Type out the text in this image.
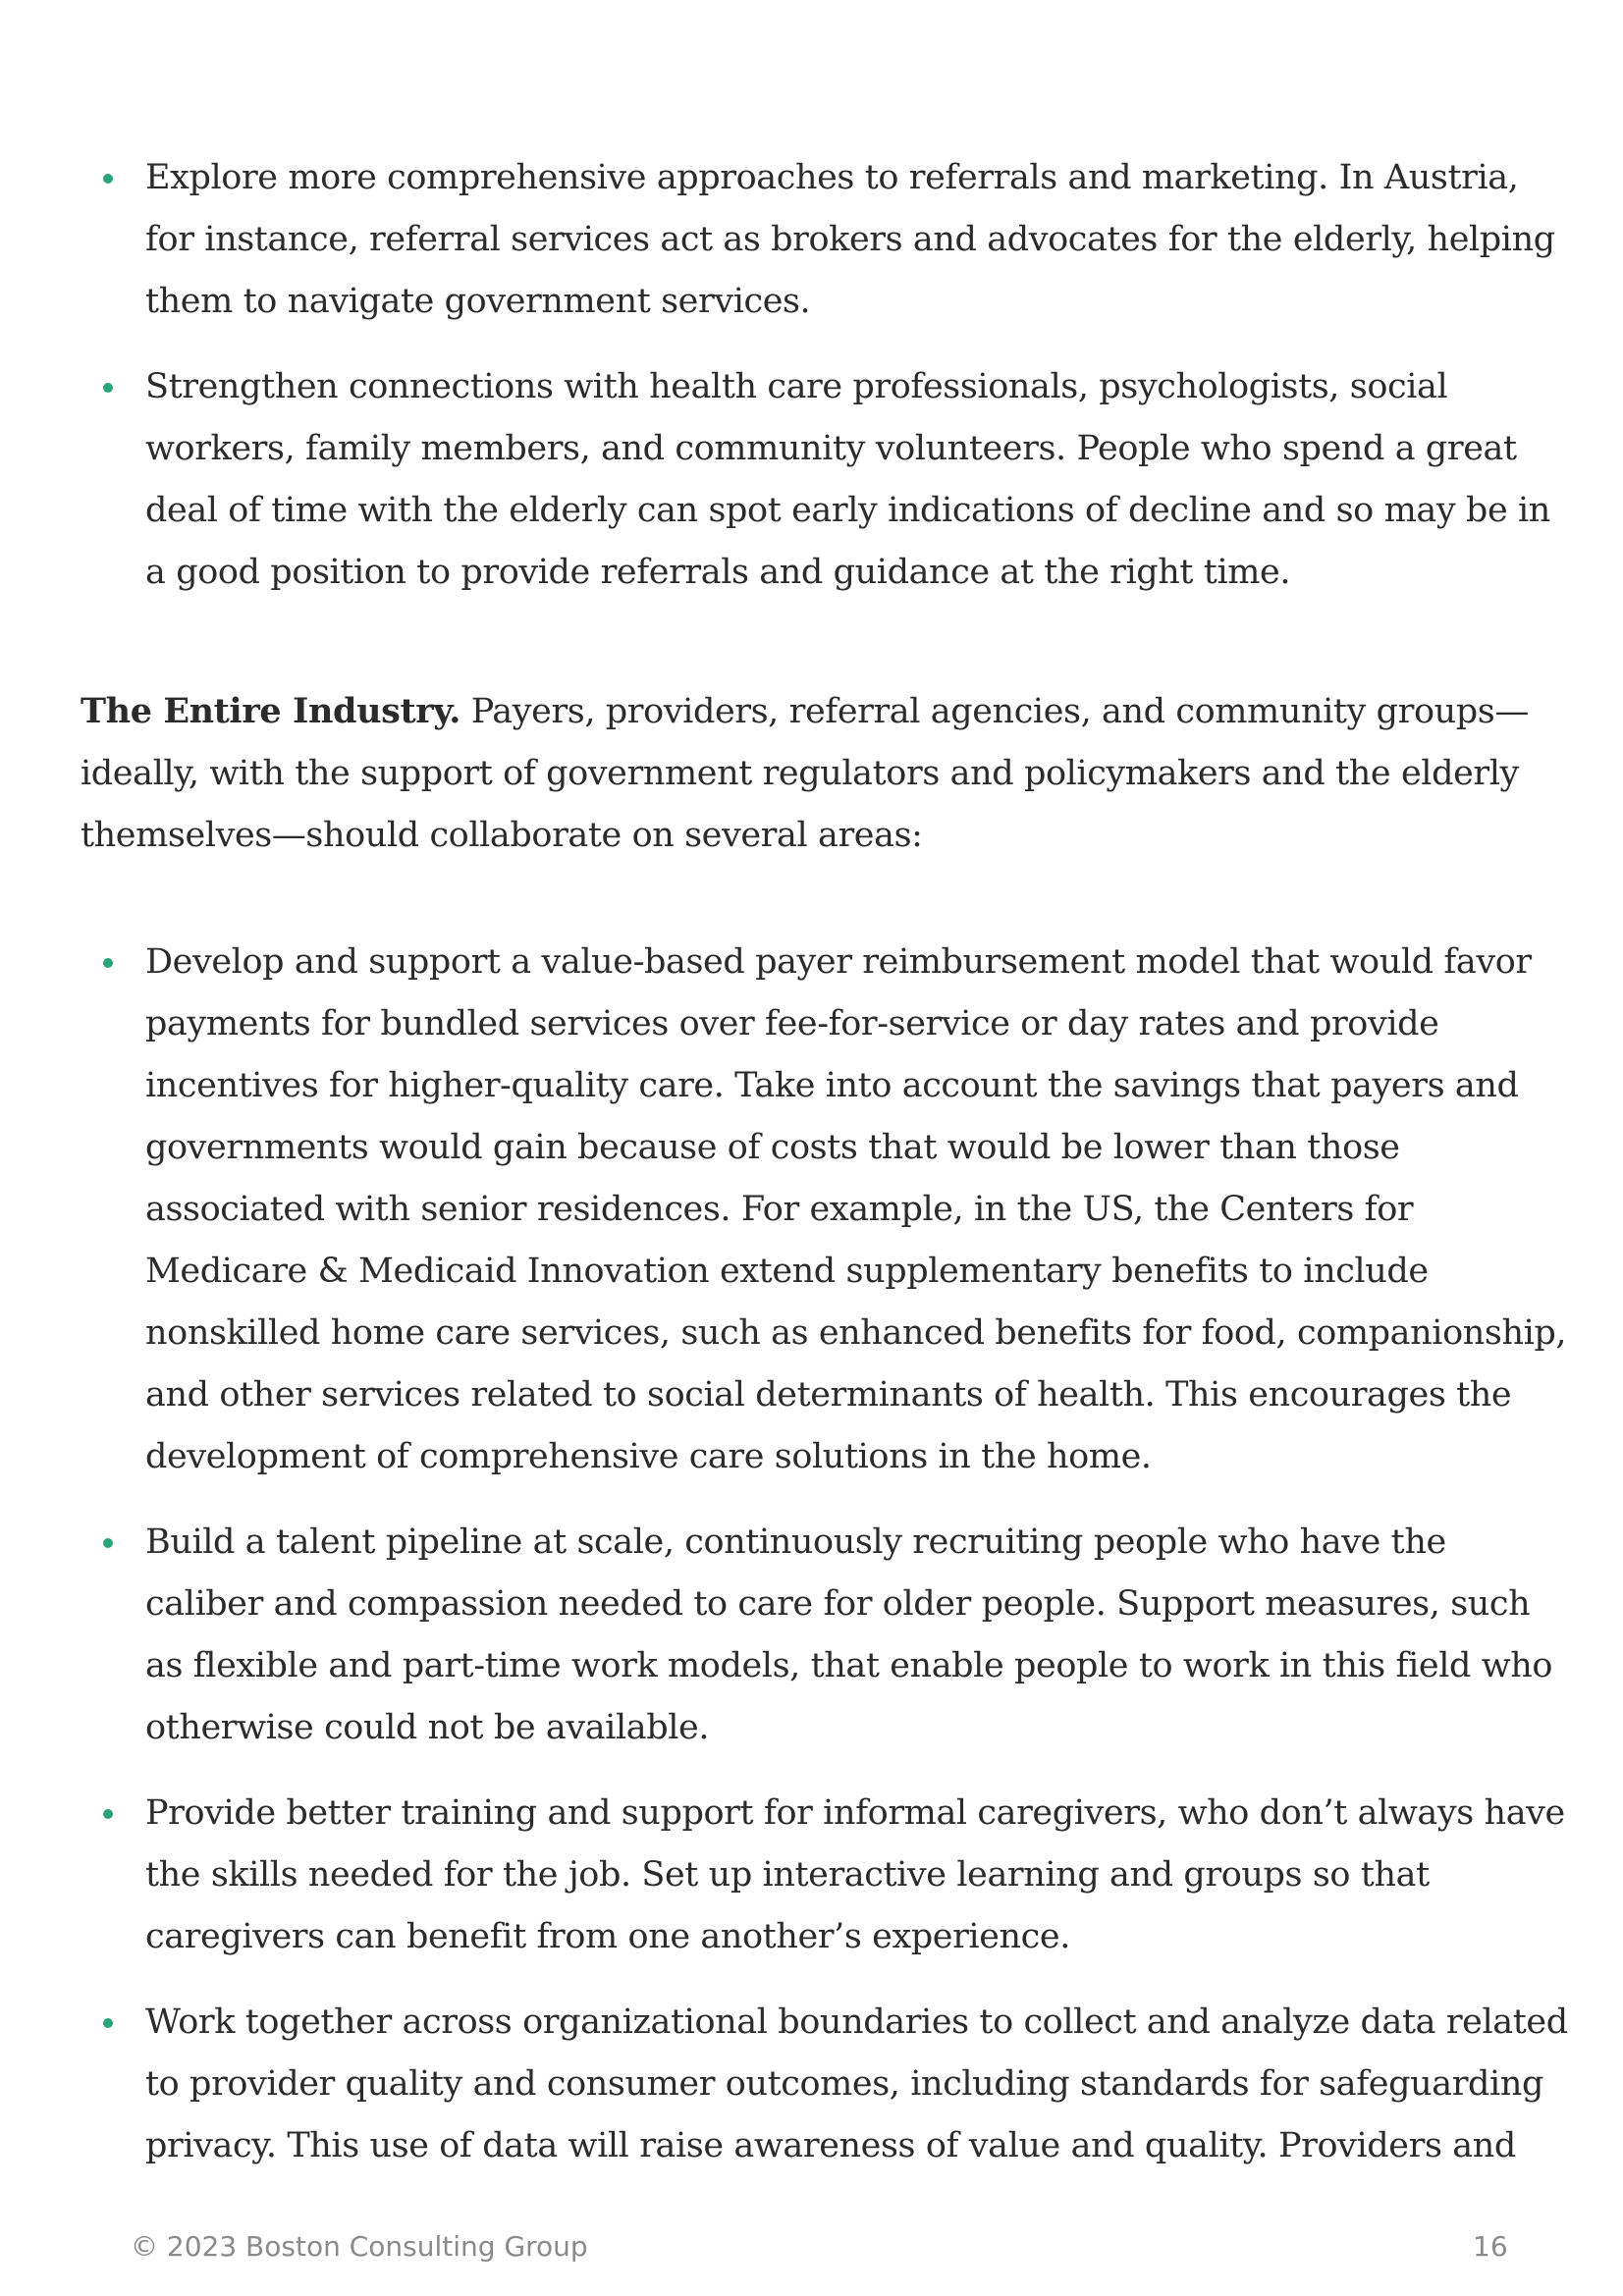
Explore more comprehensive approaches to referrals and marketing. In Austria, for instance, referral services act as brokers and advocates for the elderly, helping them to navigate government services.
Strengthen connections with health care professionals, psychologists, social workers, family members, and community volunteers. People who spend a great deal of time with the elderly can spot early indications of decline and so may be in a good position to provide referrals and guidance at the right time.

The Entire Industry. Payers, providers, referral agencies, and community groups—ideally, with the support of government regulators and policymakers and the elderly themselves—should collaborate on several areas:

Develop and support a value-based payer reimbursement model that would favor payments for bundled services over fee-for-service or day rates and provide incentives for higher-quality care. Take into account the savings that payers and governments would gain because of costs that would be lower than those associated with senior residences. For example, in the US, the Centers for Medicare & Medicaid Innovation extend supplementary benefits to include nonskilled home care services, such as enhanced benefits for food, companionship, and other services related to social determinants of health. This encourages the development of comprehensive care solutions in the home.
Build a talent pipeline at scale, continuously recruiting people who have the caliber and compassion needed to care for older people. Support measures, such as flexible and part-time work models, that enable people to work in this field who otherwise could not be available.
Provide better training and support for informal caregivers, who don’t always have the skills needed for the job. Set up interactive learning and groups so that caregivers can benefit from one another’s experience.
Work together across organizational boundaries to collect and analyze data related to provider quality and consumer outcomes, including standards for safeguarding privacy. This use of data will raise awareness of value and quality. Providers and
© 2023 Boston Consulting Group	16
